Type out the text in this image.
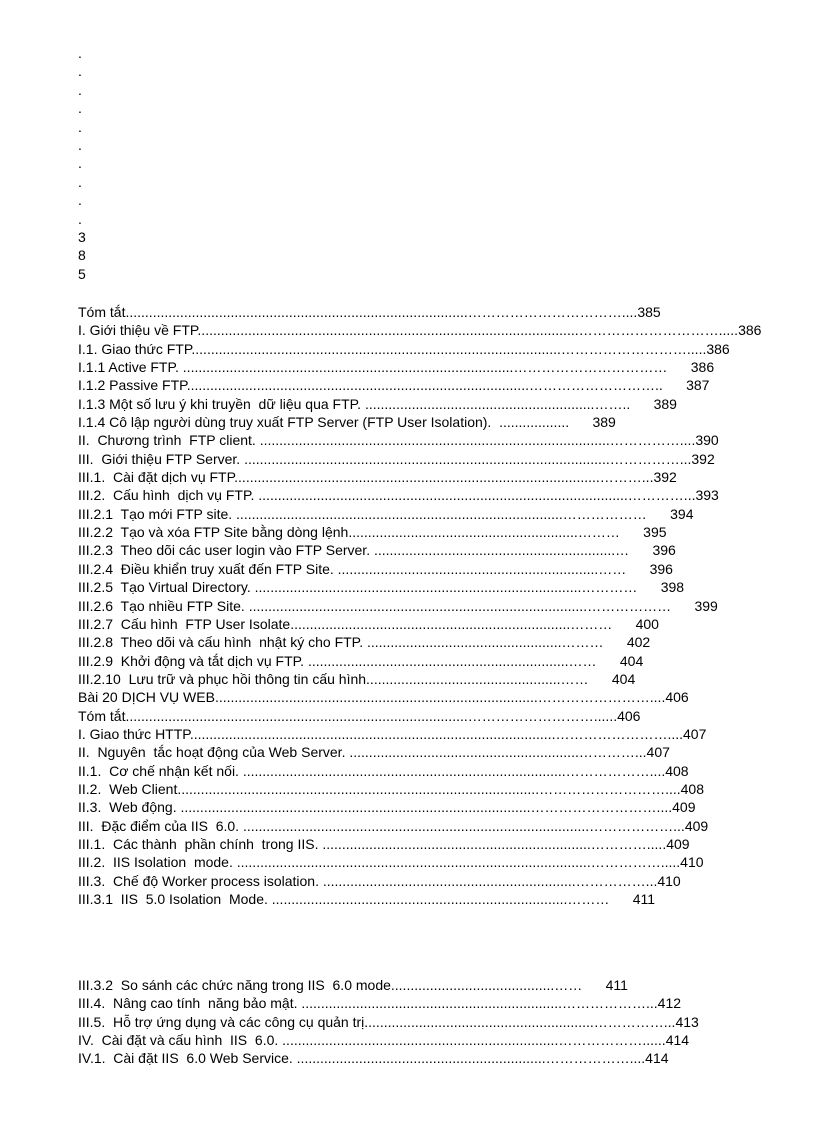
.
.
.
.
.
.
.
.
.
.
3
8
5
Tóm tắt........................................................................................……………………………....385
I. Giới thiệu về FTP..................................................................................................………………………….....386
I.1. Giao thức FTP...............................................................................................……………………….....386
I.1.1 Active FTP. .....................................................................................……………………………      386
I.1.2 Passive FTP........................................................................................………………………..      387
I.1.3 Một số lưu ý khi truyền  dữ liệu qua FTP. ...........................................................……..      389
I.1.4 Cô lập người dùng truy xuất FTP Server (FTP User Isolation).  ..................      389
II.  Chương trình  FTP client. ..........................................................................................……………....390
III.  Giới thiệu FTP Server. ..............................................................................................……………...392
III.1.  Cài đặt dịch vụ FTP..............................................................................................………...392
III.2.  Cấu hình  dịch vụ FTP. ...............................................................................................…………...393
III.2.1  Tạo mới FTP site. ....................................................................................………………      394
III.2.2  Tạo và xóa FTP Site bằng dòng lệnh...........................................................………      395
III.2.3  Theo dõi các user login vào FTP Server. ..............................................................…      396
III.2.4  Điều khiển truy xuất đến FTP Site. ...................................................................……      396
III.2.5  Tạo Virtual Directory. ....................................................................................…………      398
III.2.6  Tạo nhiều FTP Site. .......................................................................................………………      399
III.2.7  Cấu hình  FTP User Isolate........................................................................………      400
III.2.8  Theo dõi và cấu hình  nhật ký cho FTP. ..................................................………      402
III.2.9  Khởi động và tắt dịch vụ FTP. ...................................................................……      404
III.2.10  Lưu trữ và phục hồi thông tin cấu hình..................................................……      404
Bài 20 DỊCH VỤ WEB...................................................................................……………………....406
Tóm tắt........................................................................................………………………......406
I. Giao thức HTTP..............................................................................................……………………....407
II.  Nguyên  tắc hoạt động của Web Server. ...........................................................…………...407
II.1.  Cơ chế nhận kết nối. ...................................................................................………………....408
II.2.  Web Client.............................................................................................………………………....408
II.3.  Web động. ..........................................................................................………………………....409
III.  Đặc điểm của IIS  6.0. .........................................................................................………………...409
III.1.  Các thành  phần chính  trong IIS. .....................................................................………….....409
III.2.  IIS Isolation  mode. ...........................................................................................…………….....410
III.3.  Chế độ Worker process isolation. .................................................................……………...410
III.3.1  IIS  5.0 Isolation  Mode. ............................................................................………      411
III.3.2  So sánh các chức năng trong IIS  6.0 mode..........................................……      411
III.4.  Nâng cao tính  năng bảo mật. ...................................................................………………...412
III.5.  Hỗ trợ ứng dụng và các công cụ quản trị...........................................................……………...413
IV.  Cài đặt và cấu hình  IIS  6.0. .......................................................................………………......414
IV.1.  Cài đặt IIS  6.0 Web Service. ................................................................………………....414
